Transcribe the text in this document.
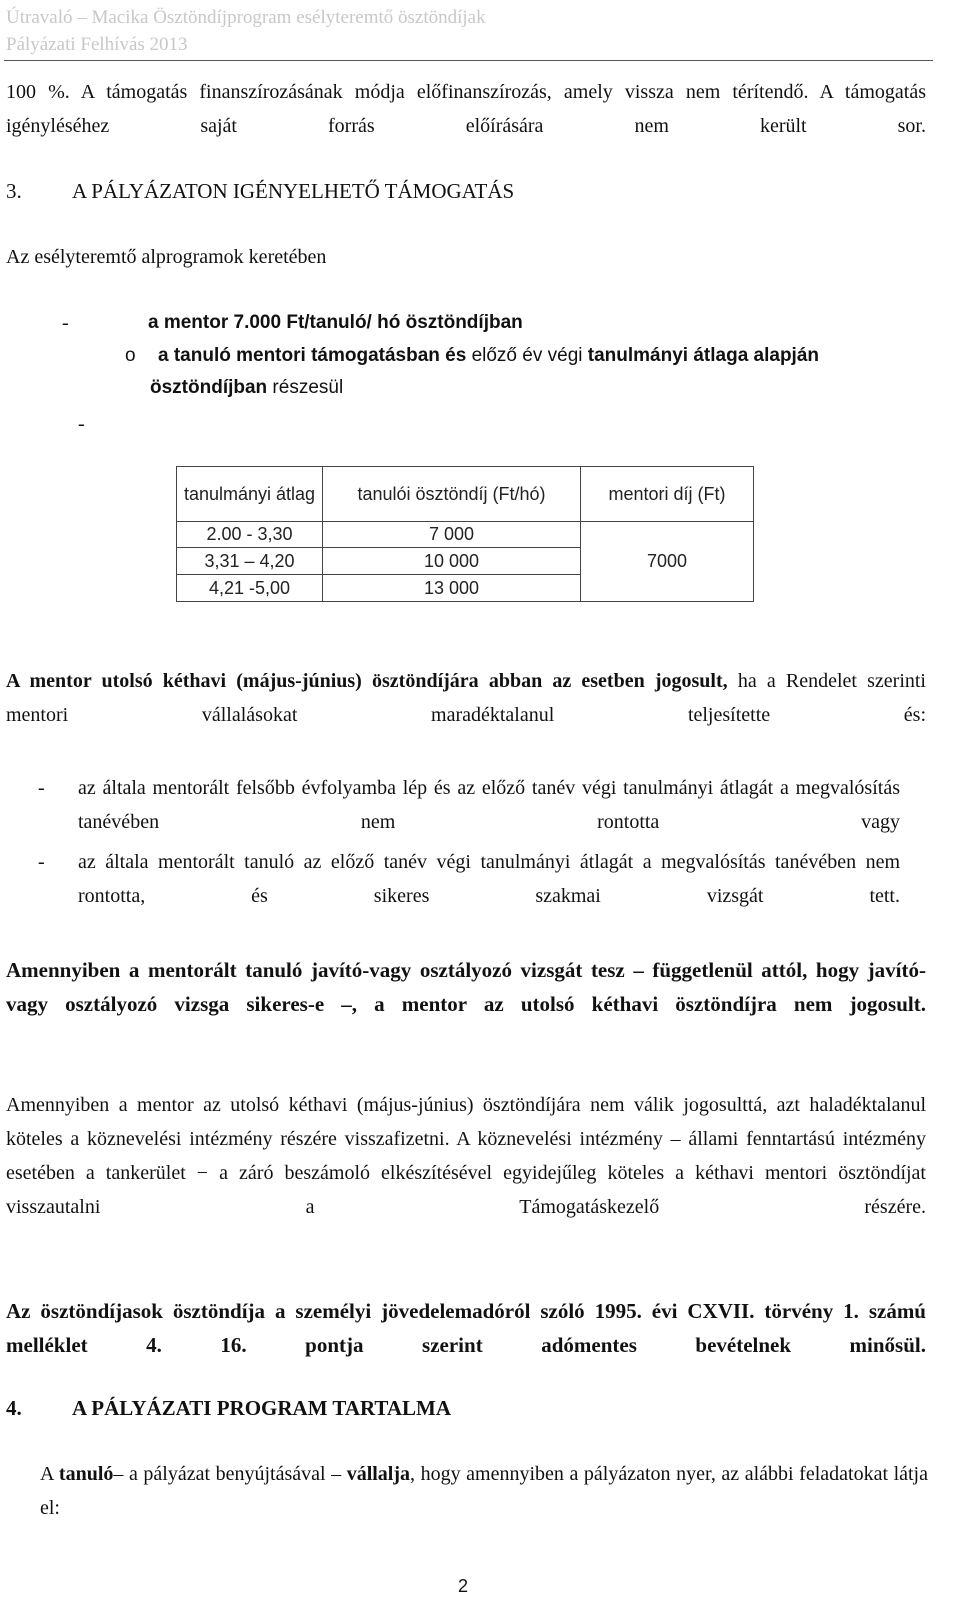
Útravaló – Macika Ösztöndíjprogram esélyteremtő ösztöndíjak
Pályázati Felhívás 2013

100 %. A támogatás finanszírozásának módja előfinanszírozás, amely vissza nem térítendő. A támogatás igényléséhez saját forrás előírására nem került sor.

3. A PÁLYÁZATON IGÉNYELHETŐ TÁMOGATÁS

Az esélyteremtő alprogramok keretében

-	a mentor 7.000 Ft/tanuló/ hó ösztöndíjban
o a tanuló mentori támogatásban és előző év végi tanulmányi átlaga alapján
ösztöndíjban részesül
-
tanulmányi átlag	tanulói ösztöndíj (Ft/hó)	mentori díj (Ft)
2.00 - 3,30	7 000	7000
3,31 – 4,20	10 000	
4,21 -5,00	13 000	

A mentor utolsó kéthavi (május-június) ösztöndíjára abban az esetben jogosult, ha a Rendelet szerinti mentori vállalásokat maradéktalanul teljesítette és:

- az általa mentorált felsőbb évfolyamba lép és az előző tanév végi tanulmányi átlagát a megvalósítás tanévében nem rontotta vagy
- az általa mentorált tanuló az előző tanév végi tanulmányi átlagát a megvalósítás tanévében nem rontotta, és sikeres szakmai vizsgát tett.

Amennyiben a mentorált tanuló javító-vagy osztályozó vizsgát tesz – függetlenül attól, hogy javító- vagy osztályozó vizsga sikeres-e –, a mentor az utolsó kéthavi ösztöndíjra nem jogosult.

Amennyiben a mentor az utolsó kéthavi (május-június) ösztöndíjára nem válik jogosulttá, azt haladéktalanul köteles a köznevelési intézmény részére visszafizetni. A köznevelési intézmény – állami fenntartású intézmény esetében a tankerület − a záró beszámoló elkészítésével egyidejűleg köteles a kéthavi mentori ösztöndíjat visszautalni a Támogatáskezelő részére.

Az ösztöndíjasok ösztöndíja a személyi jövedelemadóról szóló 1995. évi CXVII. törvény 1. számú melléklet 4. 16. pontja szerint adómentes bevételnek minősül.

4. A PÁLYÁZATI PROGRAM TARTALMA

A tanuló– a pályázat benyújtásával – vállalja, hogy amennyiben a pályázaton nyer, az alábbi feladatokat látja el:

2
